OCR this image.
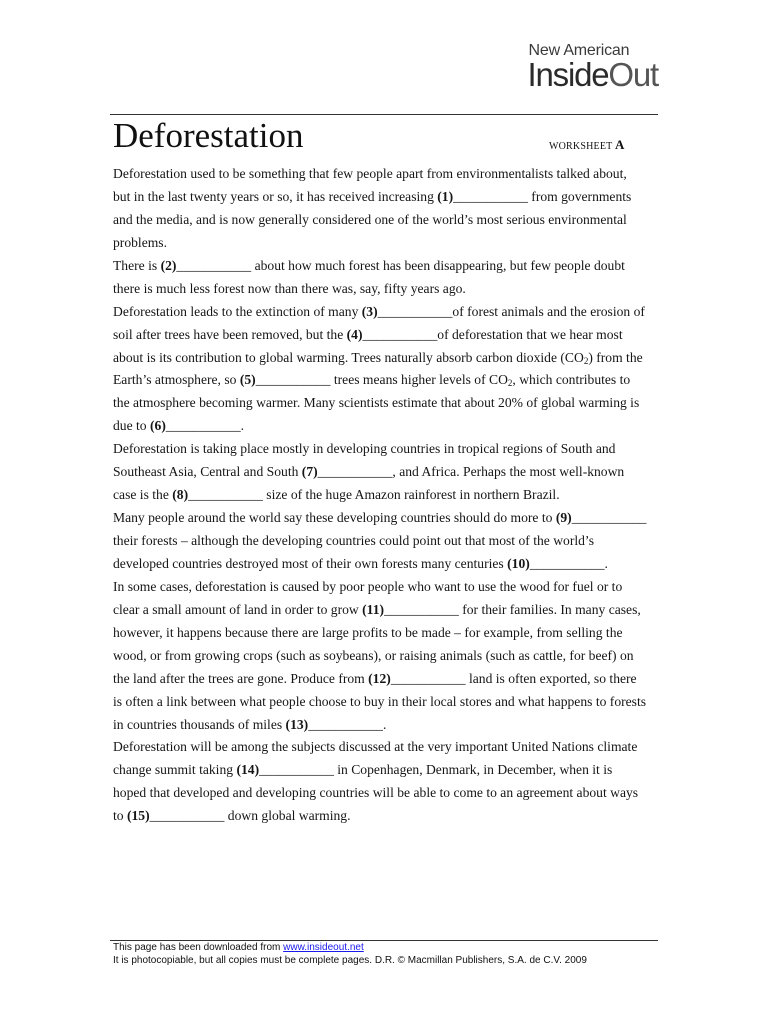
New American
InsideOut
Deforestation	WORKSHEET A
Deforestation used to be something that few people apart from environmentalists talked about,
but in the last twenty years or so, it has received increasing (1)___________ from governments
and the media, and is now generally considered one of the world’s most serious environmental
problems.
There is (2)___________ about how much forest has been disappearing, but few people doubt
there is much less forest now than there was, say, fifty years ago.
Deforestation leads to the extinction of many (3)___________of forest animals and the erosion of
soil after trees have been removed, but the (4)___________of deforestation that we hear most
about is its contribution to global warming. Trees naturally absorb carbon dioxide $(CO_2)$ from the
Earth’s atmosphere, so (5)___________ trees means higher levels of $CO_2$, which contributes to
the atmosphere becoming warmer. Many scientists estimate that about 20% of global warming is
due to (6)___________.
Deforestation is taking place mostly in developing countries in tropical regions of South and
Southeast Asia, Central and South (7)___________, and Africa. Perhaps the most well-known
case is the (8)___________ size of the huge Amazon rainforest in northern Brazil.
Many people around the world say these developing countries should do more to (9)___________
their forests – although the developing countries could point out that most of the world’s
developed countries destroyed most of their own forests many centuries (10)___________.
In some cases, deforestation is caused by poor people who want to use the wood for fuel or to
clear a small amount of land in order to grow (11)___________ for their families. In many cases,
however, it happens because there are large profits to be made – for example, from selling the
wood, or from growing crops (such as soybeans), or raising animals (such as cattle, for beef) on
the land after the trees are gone. Produce from (12)___________ land is often exported, so there
is often a link between what people choose to buy in their local stores and what happens to forests
in countries thousands of miles (13)___________.
Deforestation will be among the subjects discussed at the very important United Nations climate
change summit taking (14)___________ in Copenhagen, Denmark, in December, when it is
hoped that developed and developing countries will be able to come to an agreement about ways
to (15)___________ down global warming.
This page has been downloaded from www.insideout.net
It is photocopiable, but all copies must be complete pages. D.R. © Macmillan Publishers, S.A. de C.V. 2009
